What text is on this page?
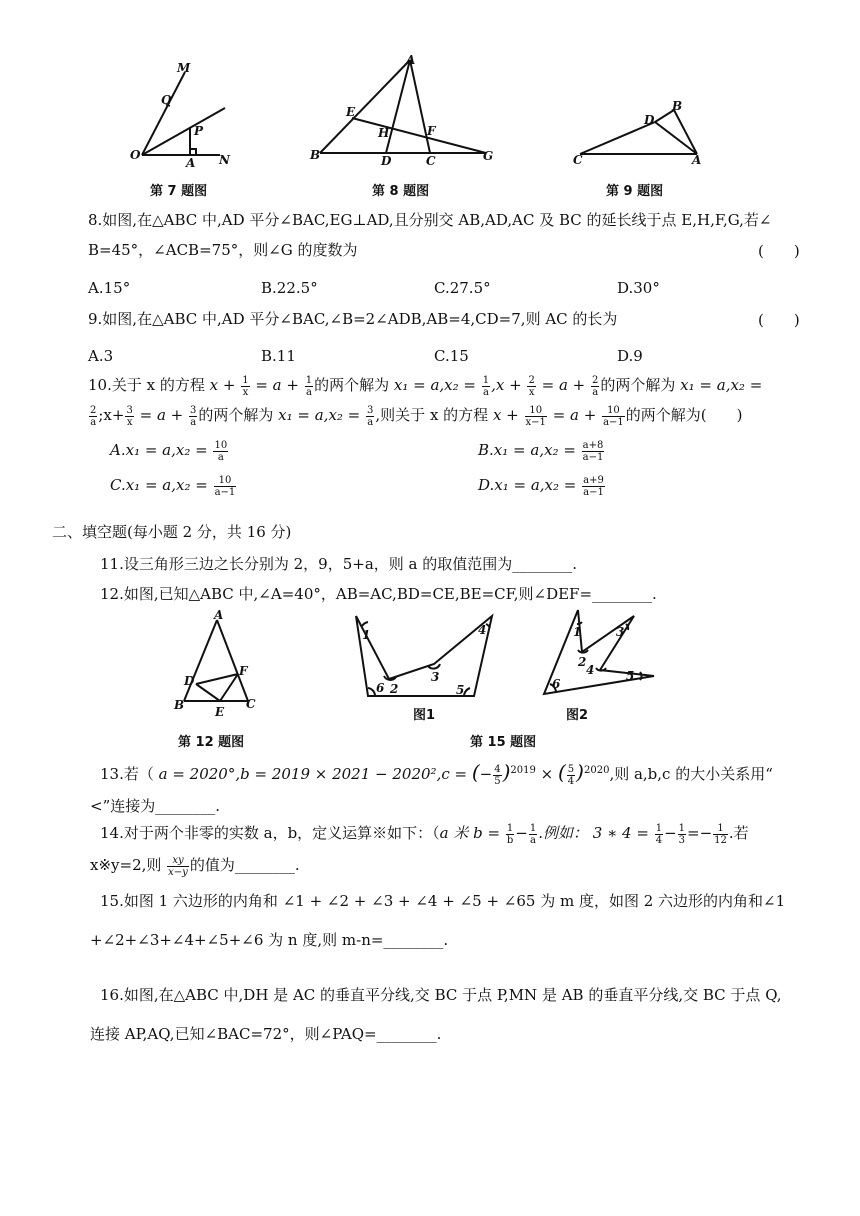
M
Q
P
O
A N
第 7 题图
A
E
H	F
B	D	C	G
第 8 题图
B
D
C	A
第 9 题图
8.如图,在△ABC 中,AD 平分∠BAC,EG⊥AD,且分别交 AB,AD,AC 及 BC 的延长线于点 E,H,F,G,若∠
B=45°，∠ACB=75°，则∠G 的度数为	(　　)
A.15°	B.22.5°	C.27.5°	D.30°
9.如图,在△ABC 中,AD 平分∠BAC,∠B=2∠ADB,AB=4,CD=7,则 AC 的长为	(　　)
A.3	B.11	C.15	D.9
10.关于 x 的方程 $x + \frac{1}{x} = a + \frac{1}{a}$ 的两个解为 $x_1 = a,x_2 = \frac{1}{a} ,x + \frac{2}{x} = a + \frac{2}{a}$ 的两个解为 x₁ = a,x₂ =
$\frac{2}{a}$ ;x+ $\frac{3}{x} = a + \frac{3}{a}$ 的两个解为 $x_1 = a,x_2 = \frac{3}{a}$ ,则关于 x 的方程 $x + \frac{10}{x-1} = a + \frac{10}{a-1}$ 的两个解为(　　)
$A.x_1 = a,x_2 = \frac{10}{a}$	$B.x_1 = a,x_2 = \frac{a+8}{a-1}$
$C.x_1 = a,x_2 = \frac{10}{a-1}$	$D.x_1 = a,x_2 = \frac{a+9}{a-1}$
二、填空题(每小题 2 分，共 16 分)
11.设三角形三边之长分别为 2，9，5+a，则 a 的取值范围为________.
12.如图,已知△ABC 中,∠A=40°，AB=AC,BD=CE,BE=CF,则∠DEF=________.
A
D
F
B	E
C
第 12 题图
1
2
3
4
5
6
图1
第 15 题图
1
2
3
4	5
6
图2
13.若（ a = 2020°,b = 2019 × 2021 − 2020²,c = (− $\frac{4}{5} )^{2019}$ × ( $\frac{5}{4} )^{2020}$,则 a,b,c 的大小关系用“
<”连接为________.
14.对于两个非零的实数 a，b，定义运算※如下：（a 米 $b = \frac{1}{b} - \frac{1}{a}$ .例如： 3 ∗ $4 = \frac{1}{4} - \frac{1}{3} =- \frac{1}{12}$ .若
x※y=2,则 $\frac{xy}{x-y}$ 的值为________.
15.如图 1 六边形的内角和 ∠1 + ∠2 + ∠3 + ∠4 + ∠5 + ∠65 为 m 度，如图 2 六边形的内角和∠1
+∠2+∠3+∠4+∠5+∠6 为 n 度,则 m-n=________.
16.如图,在△ABC 中,DH 是 AC 的垂直平分线,交 BC 于点 P,MN 是 AB 的垂直平分线,交 BC 于点 Q,
连接 AP,AQ,已知∠BAC=72°，则∠PAQ=________.
